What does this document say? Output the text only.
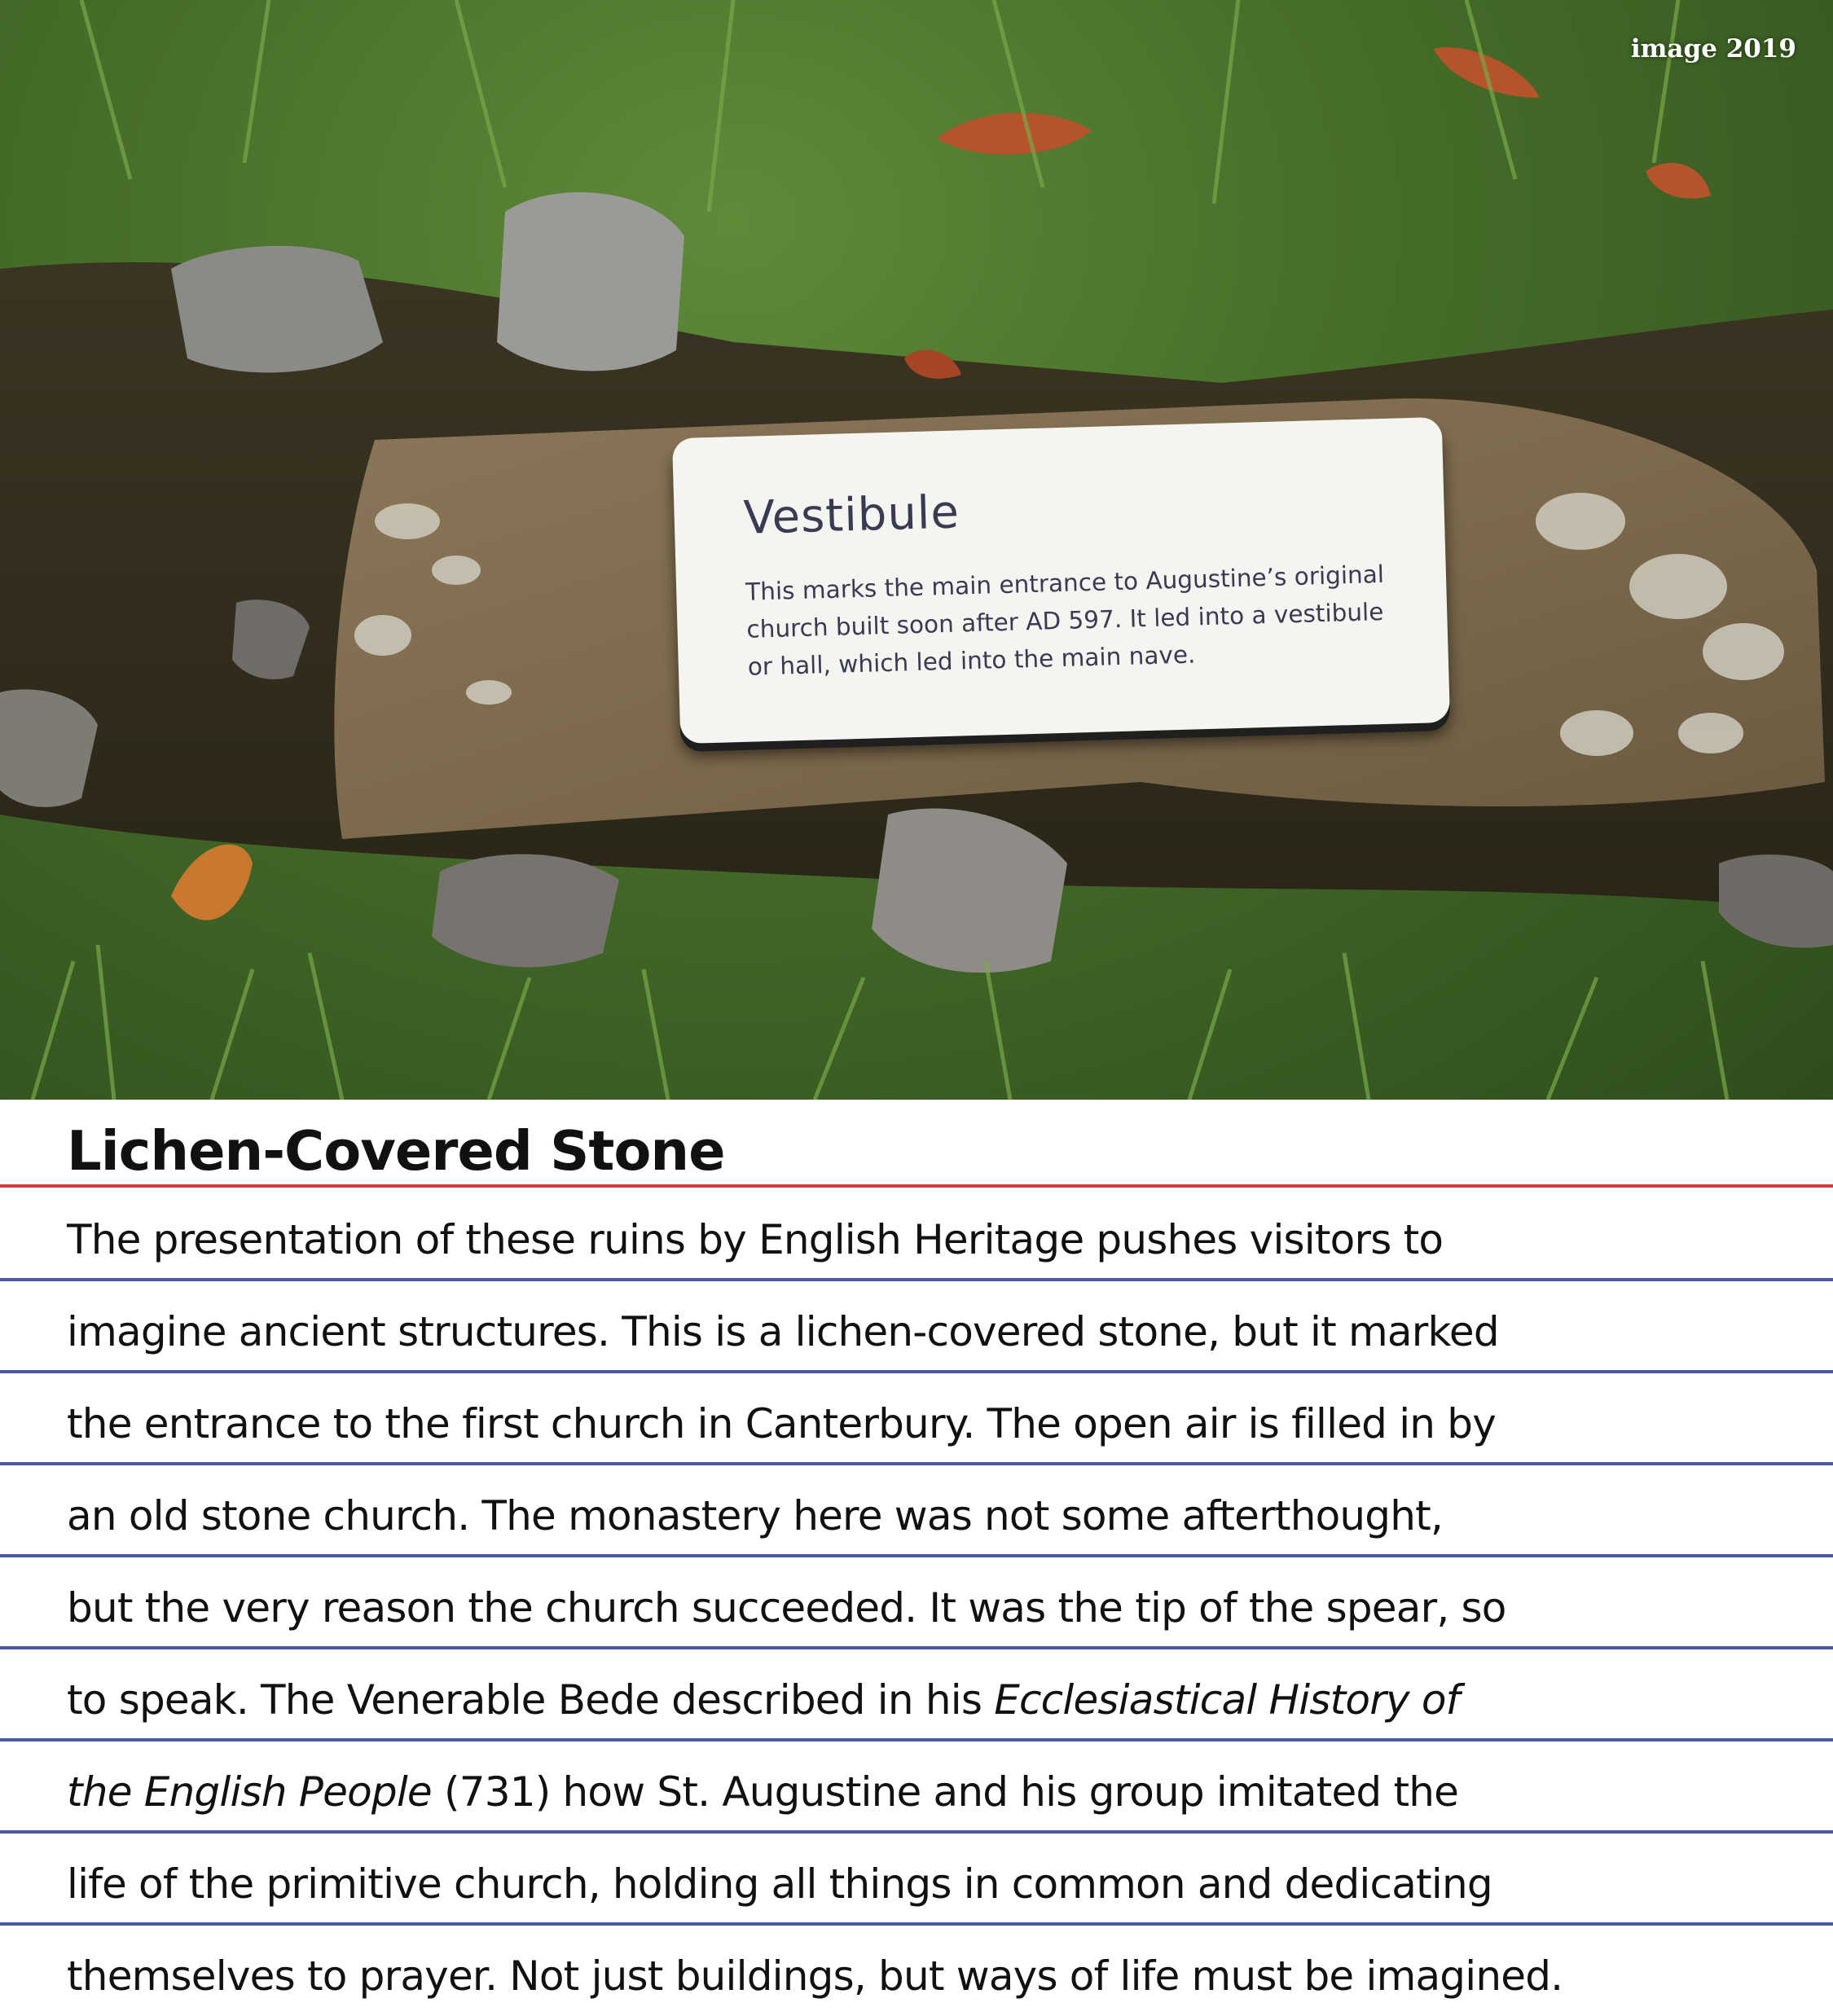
image 2019
Vestibule
This marks the main entrance to Augustine’s original church built soon after AD 597. It led into a vestibule or hall, which led into the main nave.
Lichen-Covered Stone

The presentation of these ruins by English Heritage pushes visitors to

imagine ancient structures. This is a lichen-covered stone, but it marked

the entrance to the first church in Canterbury. The open air is filled in by

an old stone church. The monastery here was not some afterthought,

but the very reason the church succeeded. It was the tip of the spear, so

to speak. The Venerable Bede described in his Ecclesiastical History of

the English People (731) how St. Augustine and his group imitated the

life of the primitive church, holding all things in common and dedicating

themselves to prayer. Not just buildings, but ways of life must be imagined.
